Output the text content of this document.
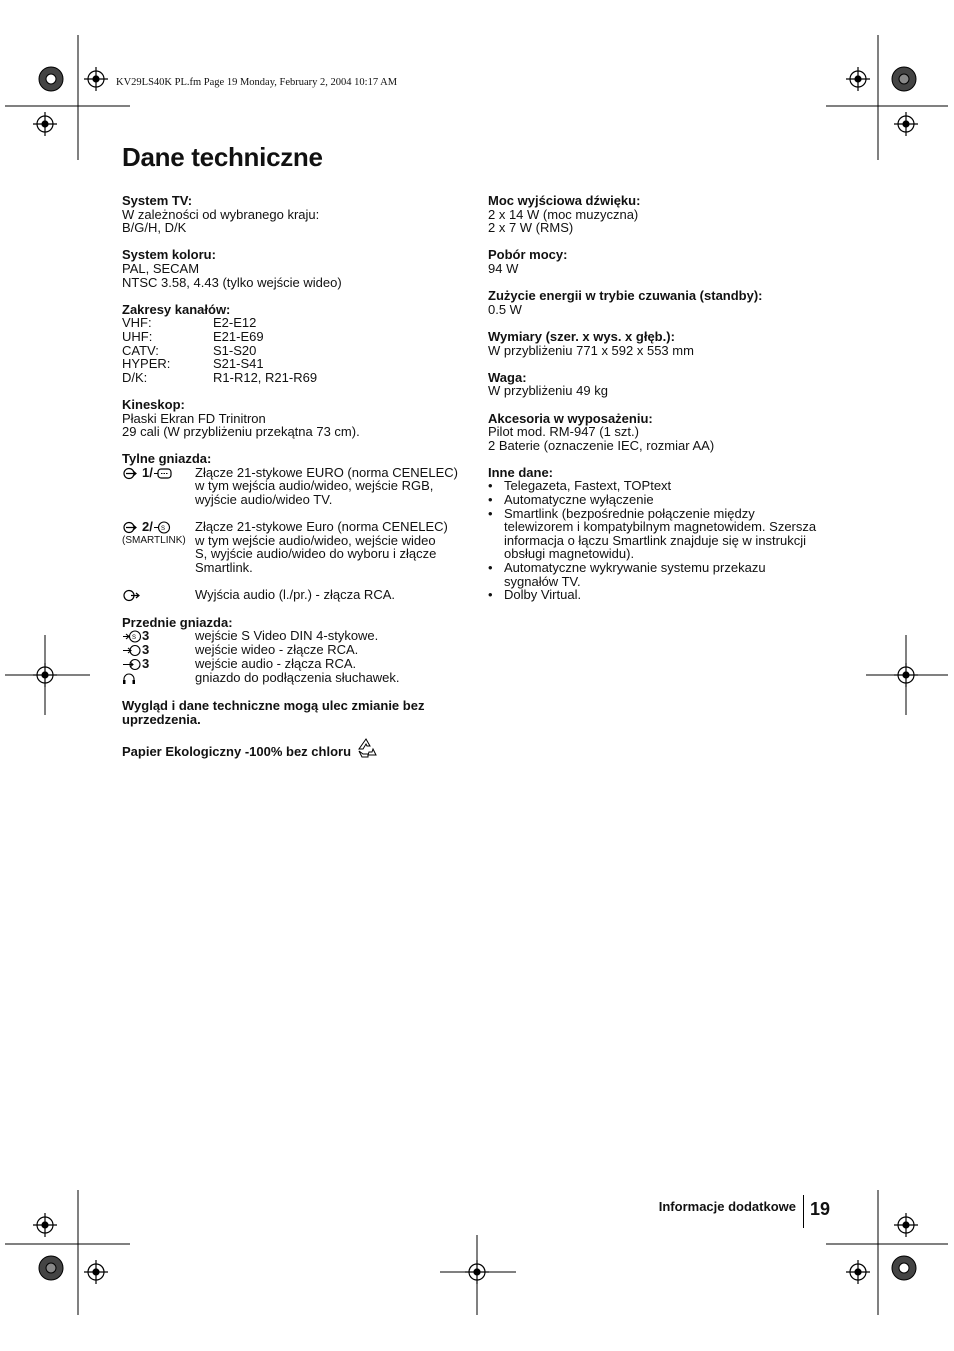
KV29LS40K PL.fm Page 19 Monday, February 2, 2004 10:17 AM
Dane techniczne
System TV:
W zależności od wybranego kraju:
B/G/H, D/K
System koloru:
PAL, SECAM
NTSC 3.58, 4.43 (tylko wejście wideo)
Zakresy kanałów:
VHF:	E2-E12
UHF:	E21-E69
CATV:	S1-S20
HYPER:	S21-S41
D/K:	R1-R12, R21-R69
Kineskop:
Płaski Ekran FD Trinitron
29 cali (W przybliżeniu przekątna 73 cm).
Tylne gniazda:
1/	Złącze 21-stykowe EURO (norma CENELEC)
w tym wejścia audio/wideo, wejście RGB,
wyjście audio/wideo TV.
2/ S
(SMARTLINK)
Złącze 21-stykowe Euro (norma CENELEC)
w tym wejście audio/wideo, wejście wideo
S, wyjście audio/wideo do wyboru i złącze
Smartlink.
Wyjścia audio (l./pr.) - złącza RCA.
Przednie gniazda:
S 3	wejście S Video DIN 4-stykowe.
3	wejście wideo - złącze RCA.
3	wejście audio - złącza RCA.
gniazdo do podłączenia słuchawek.
Wygląd i dane techniczne mogą ulec zmianie bez uprzedzenia.
Papier Ekologiczny -100% bez chloru
Moc wyjściowa dźwięku:
2 x 14 W (moc muzyczna)
2 x 7 W (RMS)
Pobór mocy:
94 W
Zużycie energii w trybie czuwania (standby):
0.5 W
Wymiary (szer. x wys. x głęb.):
W przybliżeniu 771 x 592 x 553 mm
Waga:
W przybliżeniu 49 kg
Akcesoria w wyposażeniu:
Pilot mod. RM-947 (1 szt.)
2 Baterie (oznaczenie IEC, rozmiar AA)
Inne dane:
• Telegazeta, Fastext, TOPtext
• Automatyczne wyłączenie
• Smartlink (bezpośrednie połączenie między
telewizorem i kompatybilnym magnetowidem. Szersza
informacja o łączu Smartlink znajduje się w instrukcji
obsługi magnetowidu).
• Automatyczne wykrywanie systemu przekazu
sygnałów TV.
• Dolby Virtual.
Informacje dodatkowe 19
